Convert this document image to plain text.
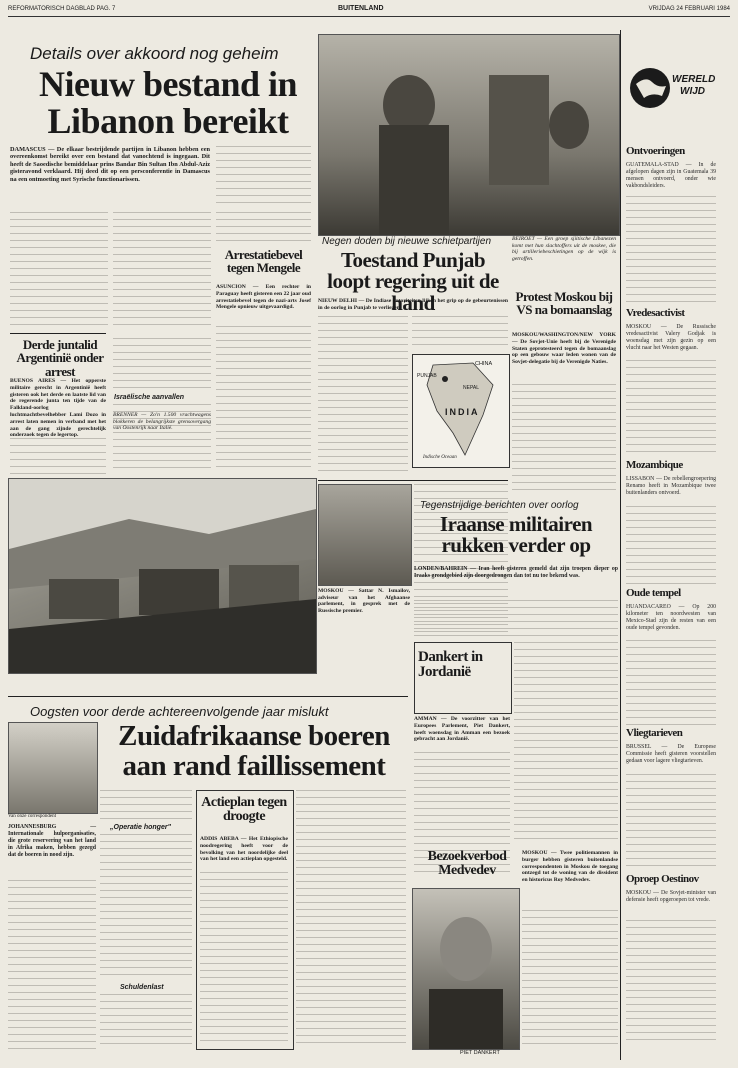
REFORMATORISCH DAGBLAD PAG. 7	BUITENLAND	VRIJDAG 24 FEBRUARI 1984
Details over akkoord nog geheim
Nieuw bestand in Libanon bereikt
DAMASCUS — De elkaar bestrijdende partijen in Libanon hebben een overeenkomst bereikt over een bestand dat vanochtend is ingegaan. Dit heeft de Saoedische bemiddelaar prins Bandar Bin Sultan Ibn Abdul-Aziz gisteravond verklaard. Hij deed dit op een persconferentie in Damascus na een ontmoeting met Syrische functionarissen.
Derde juntalid Argentinië onder arrest
BUENOS AIRES — Het opperste militaire gerecht in Argentinië heeft gisteren ook het derde en laatste lid van de regerende junta ten tijde van de Falkland-oorlog luchtmachtbevelhebber Lami Dozo in arrest laten nemen in verband met het aan de gang zijnde gerechtelijk onderzoek tegen de legertop.
Israëlische aanvallen
Arrestatiebevel tegen Mengele
ASUNCION — Een rechter in Paraguay heeft gisteren een 22 jaar oud arrestatiebevel tegen de nazi-arts Josef Mengele opnieuw uitgevaardigd.
BRENNER — Zo'n 1.500 vrachtwagens blokkeren de belangrijkste grensovergang van Oostenrijk naar Italië.
BEIROET — Een groep sjiitische Libanezen komt met hun slachtoffers uit de moskee, die bij artilleriebeschietingen op de wijk is getroffen.
Negen doden bij nieuwe schietpartijen
Toestand Punjab loopt regering uit de hand
NIEUW DELHI — De Indiase autoriteiten lijken het grip op de gebeurtenissen in de oorlog in Punjab te verliezen.
CHINA
PUNJAB
NEPAL
INDIA
Indische Oceaan
MOSKOU — Sattar N. Ismailov, adviseur van het Afghaanse parlement, in gesprek met de Russische premier.
Protest Moskou bij VS na bomaanslag
MOSKOU/WASHINGTON/NEW YORK — De Sovjet-Unie heeft bij de Verenigde Staten geprotesteerd tegen de bomaanslag op een gebouw waar leden wonen van de Sovjet-delegatie bij de Verenigde Naties.
Tegenstrijdige berichten over oorlog
Iraanse militairen rukken verder op
LONDEN/BAHREIN — Iran heeft gisteren gemeld dat zijn troepen dieper op Iraaks grondgebied zijn doorgedrongen dan tot nu toe bekend was.
Dankert in Jordanië
AMMAN — De voorzitter van het Europees Parlement, Piet Dankert, heeft woensdag in Amman een bezoek gebracht aan Jordanië.
Bezoekverbod Medvedev
PIET DANKERT
MOSKOU — Twee politiemannen in burger hebben gisteren buitenlandse correspondenten in Moskou de toegang ontzegd tot de woning van de dissident en historicus Roy Medvedev.
Oogsten voor derde achtereenvolgende jaar mislukt
Zuidafrikaanse boeren aan rand faillissement
Van onze correspondent
JOHANNESBURG — Internationale hulporganisaties, die grote reservering van het land in Afrika maken, hebben gezegd dat de boeren in nood zijn.
„Operatie honger"
Schuldenlast
Actieplan tegen droogte
ADDIS ABEBA — Het Ethiopische noodregering heeft voor de bevolking van het noordelijke deel van het land een actieplan opgesteld.
WERELD
WIJD
Ontvoeringen
GUATEMALA-STAD — In de afgelopen dagen zijn in Guatemala 39 mensen ontvoerd, onder wie vakbondsleiders.
Vredesactivist
MOSKOU — De Russische vredesactivist Valery Godjak is woensdag met zijn gezin op een vlucht naar het Westen gegaan.
Mozambique
LISSABON — De rebellengroepering Renamo heeft in Mozambique twee buitenlanders ontvoerd.
Oude tempel
HUANDACAREO — Op 200 kilometer ten noordwesten van Mexico-Stad zijn de resten van een oude tempel gevonden.
Vliegtarieven
BRUSSEL — De Europese Commissie heeft gisteren voorstellen gedaan voor lagere vliegtarieven.
Oproep Oestinov
MOSKOU — De Sovjet-minister van defensie heeft opgeroepen tot vrede.
